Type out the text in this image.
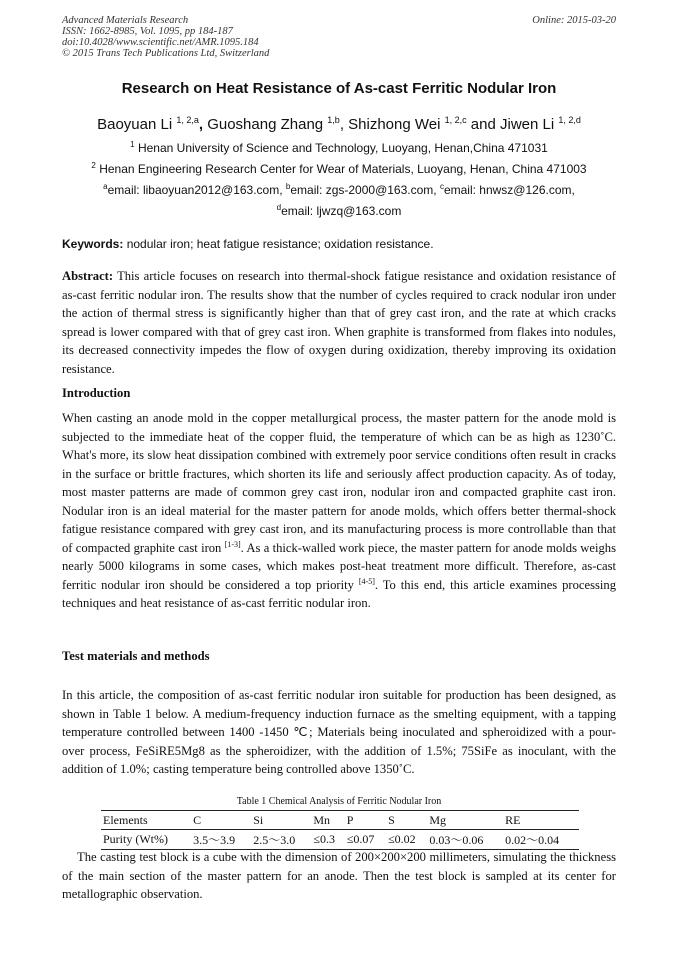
Advanced Materials Research
ISSN: 1662-8985, Vol. 1095, pp 184-187
doi:10.4028/www.scientific.net/AMR.1095.184
© 2015 Trans Tech Publications Ltd, Switzerland
Online: 2015-03-20
Research on Heat Resistance of As-cast Ferritic Nodular Iron
Baoyuan Li $^{1, 2,a}$, Guoshang Zhang $^{1,b}$, Shizhong Wei $^{1, 2,c}$ and Jiwen Li $^{1, 2,d}$
$^1$ Henan University of Science and Technology, Luoyang, Henan,China 471031
$^2$ Henan Engineering Research Center for Wear of Materials, Luoyang, Henan, China 471003
$^a$email: libaoyuan2012@163.com, $^b$email: zgs-2000@163.com, $^c$email: hnwsz@126.com,
$^d$email: ljwzq@163.com
Keywords: nodular iron; heat fatigue resistance; oxidation resistance.
Abstract: This article focuses on research into thermal-shock fatigue resistance and oxidation resistance of as-cast ferritic nodular iron. The results show that the number of cycles required to crack nodular iron under the action of thermal stress is significantly higher than that of grey cast iron, and the rate at which cracks spread is lower compared with that of grey cast iron. When graphite is transformed from flakes into nodules, its decreased connectivity impedes the flow of oxygen during oxidization, thereby improving its oxidation resistance.
Introduction
When casting an anode mold in the copper metallurgical process, the master pattern for the anode mold is subjected to the immediate heat of the copper fluid, the temperature of which can be as high as 1230˚C. What's more, its slow heat dissipation combined with extremely poor service conditions often result in cracks in the surface or brittle fractures, which shorten its life and seriously affect production capacity. As of today, most master patterns are made of common grey cast iron, nodular iron and compacted graphite cast iron. Nodular iron is an ideal material for the master pattern for anode molds, which offers better thermal-shock fatigue resistance compared with grey cast iron, and its manufacturing process is more controllable than that of compacted graphite cast iron [1-3]. As a thick-walled work piece, the master pattern for anode molds weighs nearly 5000 kilograms in some cases, which makes post-heat treatment more difficult. Therefore, as-cast ferritic nodular iron should be considered a top priority [4-5]. To this end, this article examines processing techniques and heat resistance of as-cast ferritic nodular iron.
Test materials and methods
In this article, the composition of as-cast ferritic nodular iron suitable for production has been designed, as shown in Table 1 below. A medium-frequency induction furnace as the smelting equipment, with a tapping temperature controlled between 1400 -1450 ℃; Materials being inoculated and spheroidized with a pour-over process, FeSiRE5Mg8 as the spheroidizer, with the addition of 1.5%; 75SiFe as inoculant, with the addition of 1.0%; casting temperature being controlled above 1350˚C.
Table 1 Chemical Analysis of Ferritic Nodular Iron
Elements	C	Si	Mn	P	S	Mg	RE
Purity (Wt%)	3.5～3.9	2.5～3.0	≤0.3	≤0.07	≤0.02	0.03～0.06	0.02～0.04
The casting test block is a cube with the dimension of 200×200×200 millimeters, simulating the thickness of the main section of the master pattern for an anode. Then the test block is sampled at its center for metallographic observation.
